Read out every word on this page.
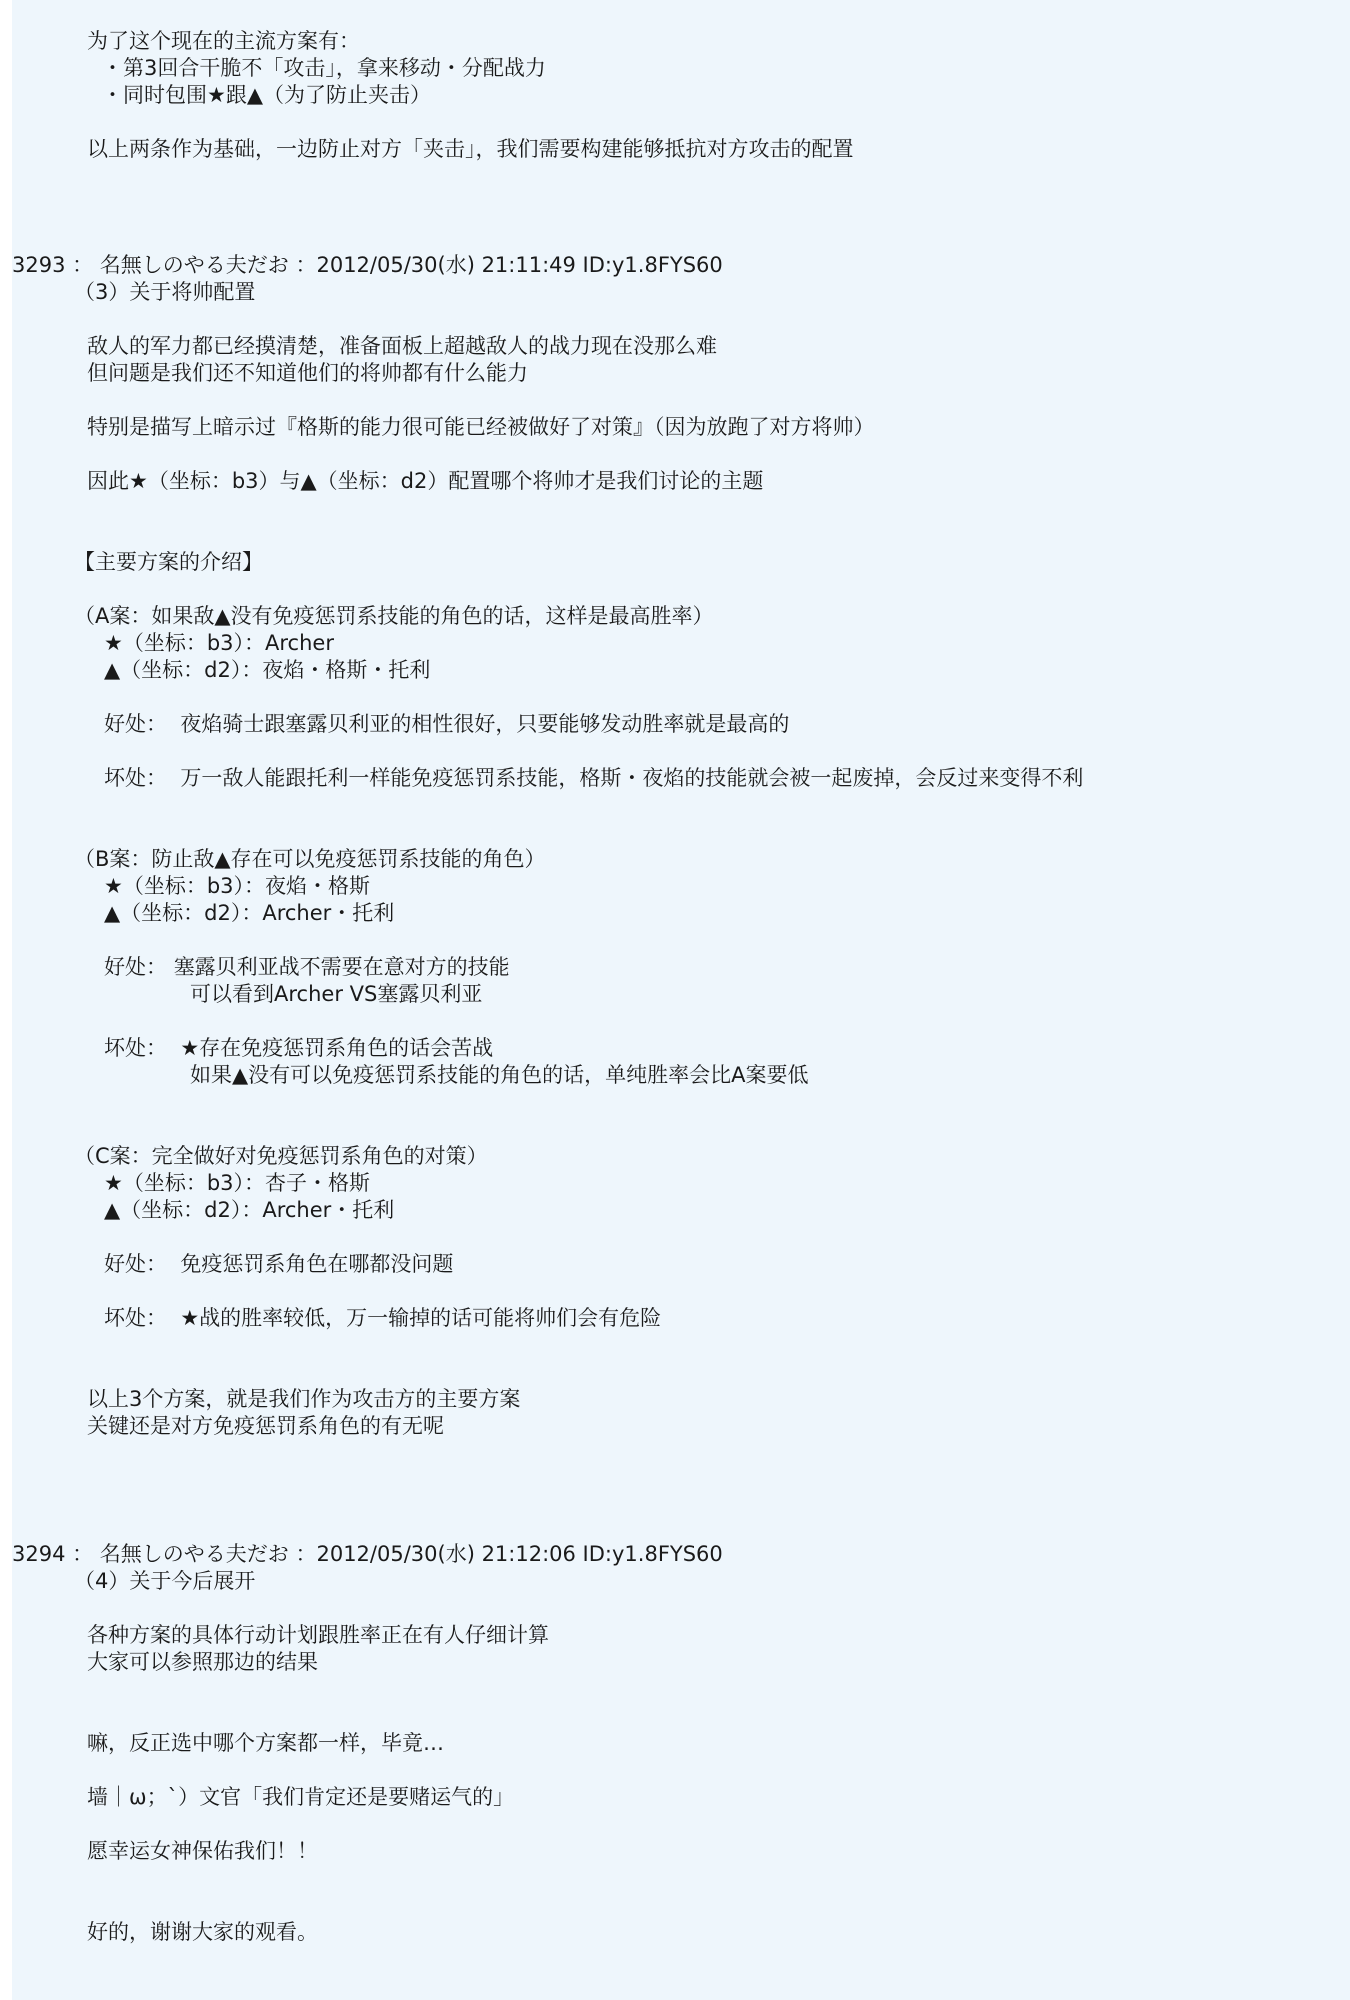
为了这个现在的主流方案有：
・第3回合干脆不「攻击」，拿来移动・分配战力
・同时包围★跟▲（为了防止夹击）
以上两条作为基础，一边防止对方「夹击」，我们需要构建能够抵抗对方攻击的配置
3293 ： 名無しのやる夫だお ：2012/05/30(水) 21:11:49 ID:y1.8FYS60
（3）关于将帅配置
敌人的军力都已经摸清楚，准备面板上超越敌人的战力现在没那么难
但问题是我们还不知道他们的将帅都有什么能力
特别是描写上暗示过『格斯的能力很可能已经被做好了对策』（因为放跑了对方将帅）
因此★（坐标：b3）与▲（坐标：d2）配置哪个将帅才是我们讨论的主题
【主要方案的介绍】
（A案：如果敌▲没有免疫惩罚系技能的角色的话，这样是最高胜率）
★（坐标：b3）：Archer
▲（坐标：d2）：夜焰・格斯・托利
好处： 夜焰骑士跟塞露贝利亚的相性很好，只要能够发动胜率就是最高的
坏处： 万一敌人能跟托利一样能免疫惩罚系技能，格斯・夜焰的技能就会被一起废掉，会反过来变得不利
（B案：防止敌▲存在可以免疫惩罚系技能的角色）
★（坐标：b3）：夜焰・格斯
▲（坐标：d2）：Archer・托利
好处： 塞露贝利亚战不需要在意对方的技能
可以看到Archer VS塞露贝利亚
坏处： ★存在免疫惩罚系角色的话会苦战
如果▲没有可以免疫惩罚系技能的角色的话，单纯胜率会比A案要低
（C案：完全做好对免疫惩罚系角色的对策）
★（坐标：b3）：杏子・格斯
▲（坐标：d2）：Archer・托利
好处： 免疫惩罚系角色在哪都没问题
坏处： ★战的胜率较低，万一输掉的话可能将帅们会有危险
以上3个方案，就是我们作为攻击方的主要方案
关键还是对方免疫惩罚系角色的有无呢
3294 ： 名無しのやる夫だお ：2012/05/30(水) 21:12:06 ID:y1.8FYS60
（4）关于今后展开
各种方案的具体行动计划跟胜率正在有人仔细计算
大家可以参照那边的结果
嘛，反正选中哪个方案都一样，毕竟…
墙｜ω；`）文官「我们肯定还是要赌运气的」
愿幸运女神保佑我们！！
好的，谢谢大家的观看。
